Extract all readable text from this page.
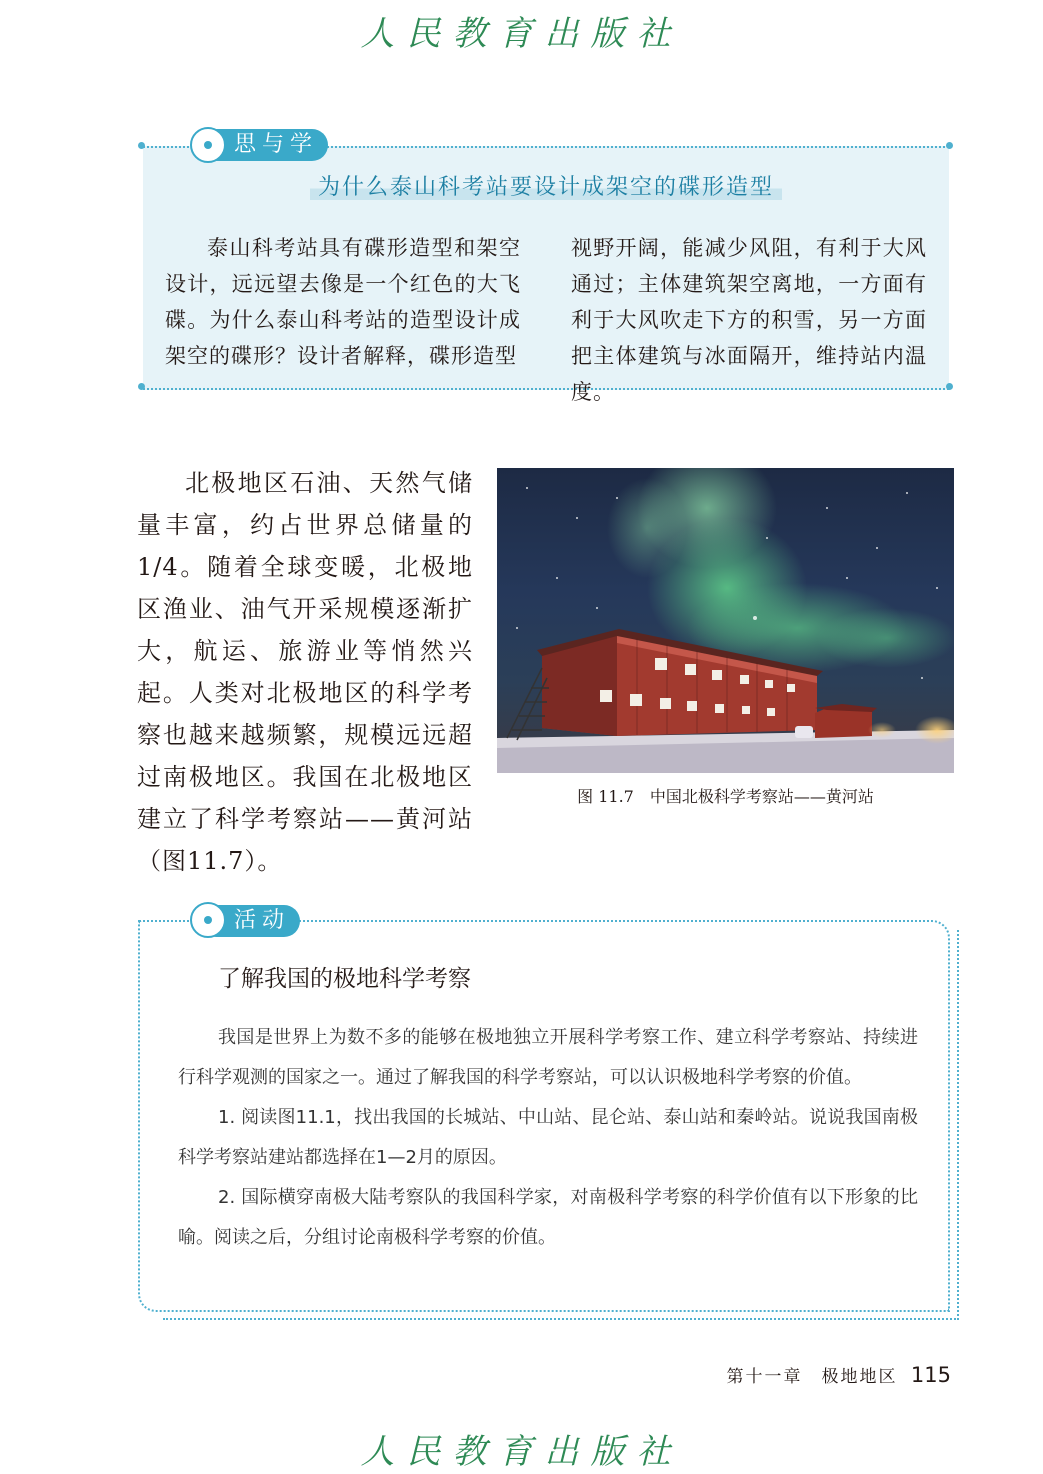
人民教育出版社
为什么泰山科考站要设计成架空的碟形造型
泰山科考站具有碟形造型和架空设计，远远望去像是一个红色的大飞碟。为什么泰山科考站的造型设计成架空的碟形？设计者解释，碟形造型
视野开阔，能减少风阻，有利于大风通过；主体建筑架空离地，一方面有利于大风吹走下方的积雪，另一方面把主体建筑与冰面隔开，维持站内温度。
思与学
北极地区石油、天然气储量丰富，约占世界总储量的1/4。随着全球变暖，北极地区渔业、油气开采规模逐渐扩大，航运、旅游业等悄然兴起。人类对北极地区的科学考察也越来越频繁，规模远远超过南极地区。我国在北极地区建立了科学考察站——黄河站（图11.7）。
图 11.7　中国北极科学考察站——黄河站
活动
了解我国的极地科学考察

我国是世界上为数不多的能够在极地独立开展科学考察工作、建立科学考察站、持续进行科学观测的国家之一。通过了解我国的科学考察站，可以认识极地科学考察的价值。

1. 阅读图11.1，找出我国的长城站、中山站、昆仑站、泰山站和秦岭站。说说我国南极科学考察站建站都选择在1—2月的原因。

2. 国际横穿南极大陆考察队的我国科学家，对南极科学考察的科学价值有以下形象的比喻。阅读之后，分组讨论南极科学考察的价值。

第十一章　极地地区 115
人民教育出版社
